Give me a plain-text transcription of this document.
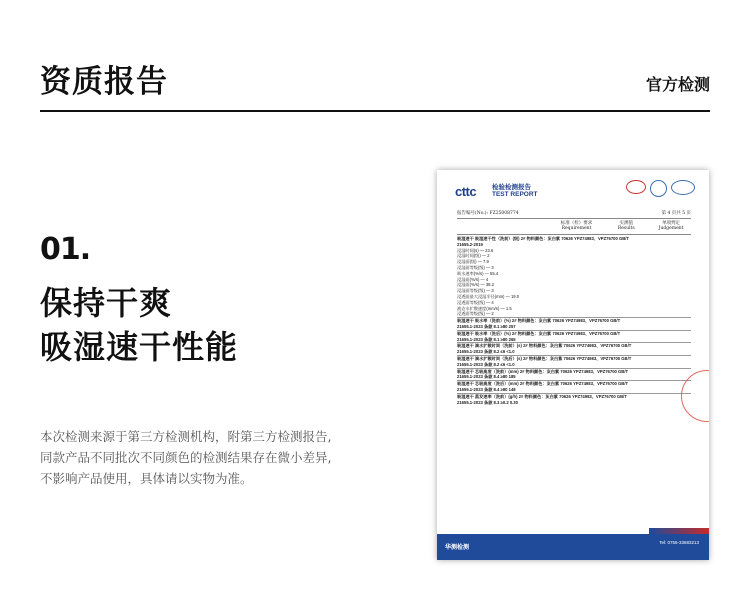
资质报告	官方检测
01.
保持干爽
吸湿速干性能
本次检测来源于第三方检测机构，附第三方检测报告,
同款产品不同批次不同颜色的检测结果存在微小差异,
不影响产品使用，具体请以实物为准。
cttc 检验检测报告
TEST REPORT
报告编号(No.): FZ25008774	第 4 页共 5 页
标准（检）要求
Requirement
实测值
Results
单项判定
Judgement
吸湿速干 吸湿速干性（洗前）(级) 2# 物料颜色：灰白紫 70626 YPZ74983、VPZ76700 GB/T
21655.2-2019
浸湿时间(s) — 23.6
浸湿时间(级) — 2
浸湿面(级) — 7.9
浸湿面等级(级) — 3
吸水速率(%/s) — 55.4
浸湿面(%/s) — 4
浸湿面(%/s) — 38.2
浸湿面等级(级) — 3
浸透面最大浸湿半径(mm) — 19.0
浸透面等级(级) — 4
液态水扩散速度(mm/s) — 1.5
浸透面等级(级) — 2
吸湿速干 吸水率（洗前）(%) 2# 物料颜色：灰白紫 70626 YPZ74983、VPZ76700 GB/T
21655.1-2023 条款 8.1 ≥80 257
吸湿速干 吸水率（洗后）(%) 2# 物料颜色：灰白紫 70626 YPZ74983、VPZ76700 GB/T
21655.1-2023 条款 8.1 ≥80 265
吸湿速干 滴水扩散时间（洗前）(s) 2# 物料颜色：灰白紫 70626 YPZ74983、VPZ76700 GB/T
21655.1-2023 条款 8.2 ≤6 <1.0
吸湿速干 滴水扩散时间（洗后）(s) 2# 物料颜色：灰白紫 70626 YPZ74983、VPZ76700 GB/T
21655.1-2023 条款 8.2 ≤6 <1.0
吸湿速干 芯吸高度（洗前）(mm) 2# 物料颜色：灰白紫 70626 YPZ74983、VPZ76700 GB/T
21655.1-2023 条款 8.4 ≥80 185
吸湿速干 芯吸高度（洗后）(mm) 2# 物料颜色：灰白紫 70626 YPZ74983、VPZ76700 GB/T
21655.1-2023 条款 8.4 ≥80 148
吸湿速干 蒸发速率（洗前）(g/h) 2# 物料颜色：灰白紫 70626 YPZ74983、VPZ76700 GB/T
21655.1-2023 条款 8.3 ≥0.2 0.30
华测检测
Tel: 0755-33683213
